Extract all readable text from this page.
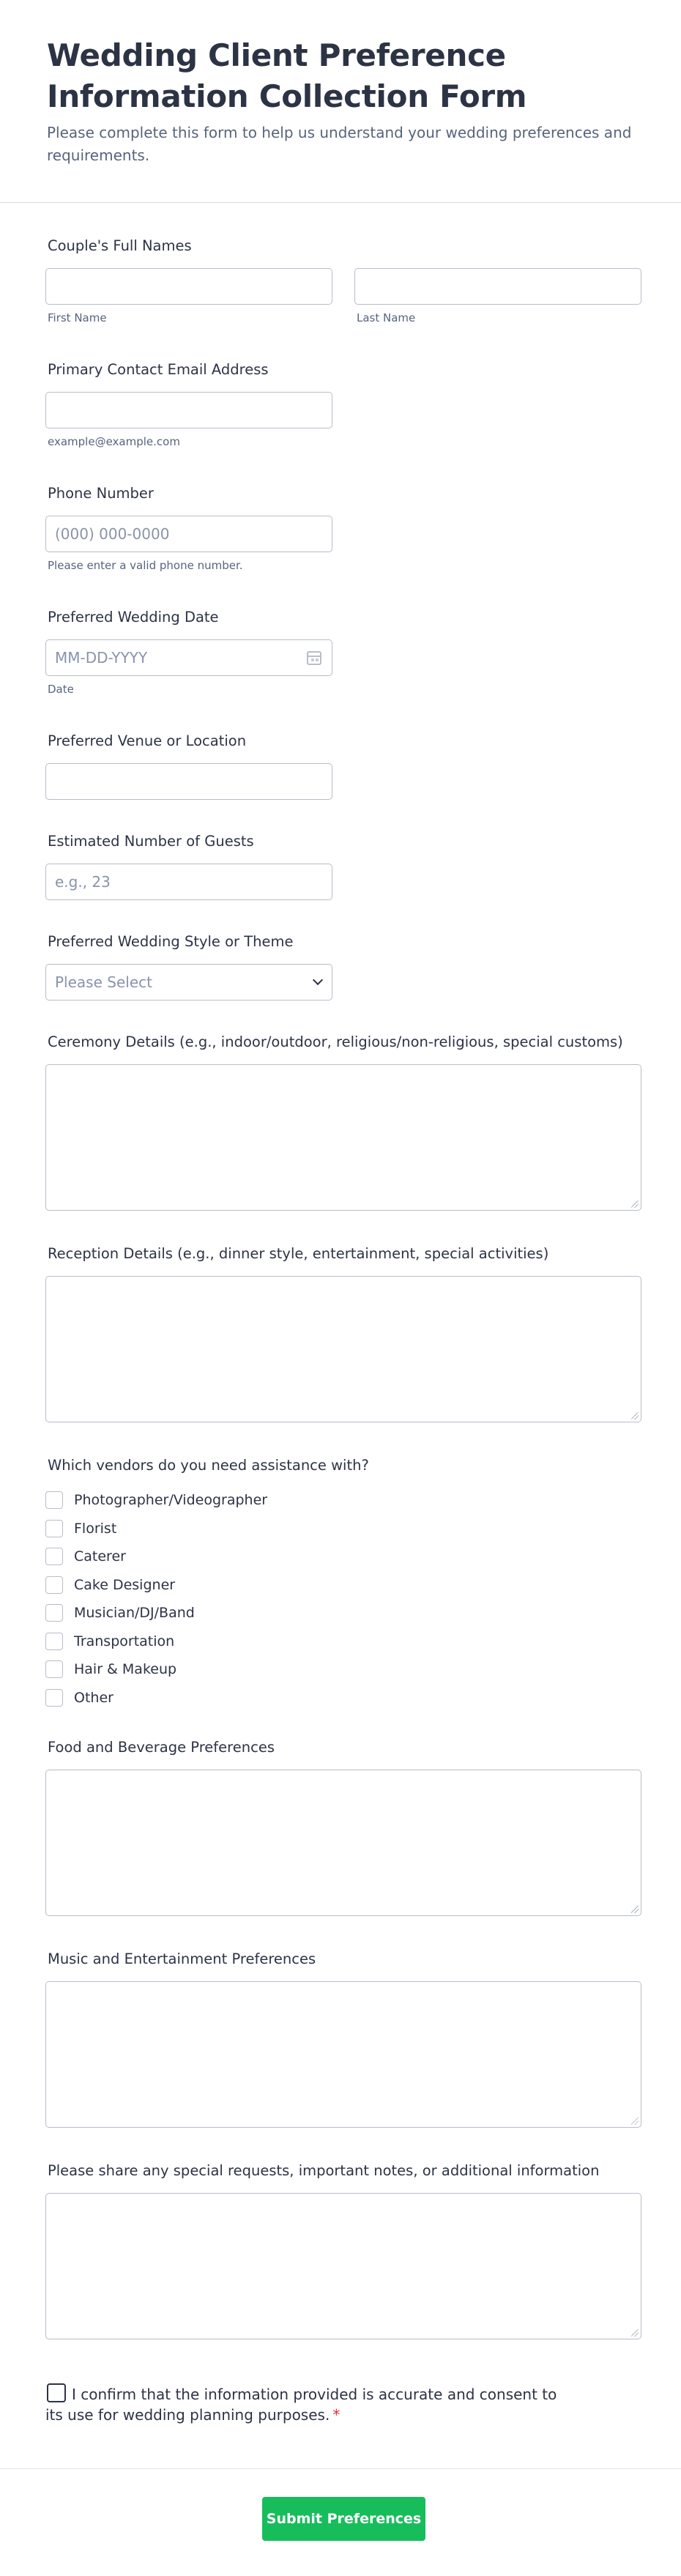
Wedding Client Preference Information Collection Form

Please complete this form to help us understand your wedding preferences and requirements.

Couple's Full Names
First Name	Last Name
Primary Contact Email Address
example@example.com
Phone Number
(000) 000-0000
Please enter a valid phone number.
Preferred Wedding Date
MM-DD-YYYY
Date
Preferred Venue or Location
Estimated Number of Guests
e.g., 23
Preferred Wedding Style or Theme
Please Select
Ceremony Details (e.g., indoor/outdoor, religious/non-religious, special customs)
Reception Details (e.g., dinner style, entertainment, special activities)
Which vendors do you need assistance with?
Photographer/Videographer
Florist
Caterer
Cake Designer
Musician/DJ/Band
Transportation
Hair & Makeup
Other
Food and Beverage Preferences
Music and Entertainment Preferences
Please share any special requests, important notes, or additional information
I confirm that the information provided is accurate and consent to its use for wedding planning purposes. *
Submit Preferences
